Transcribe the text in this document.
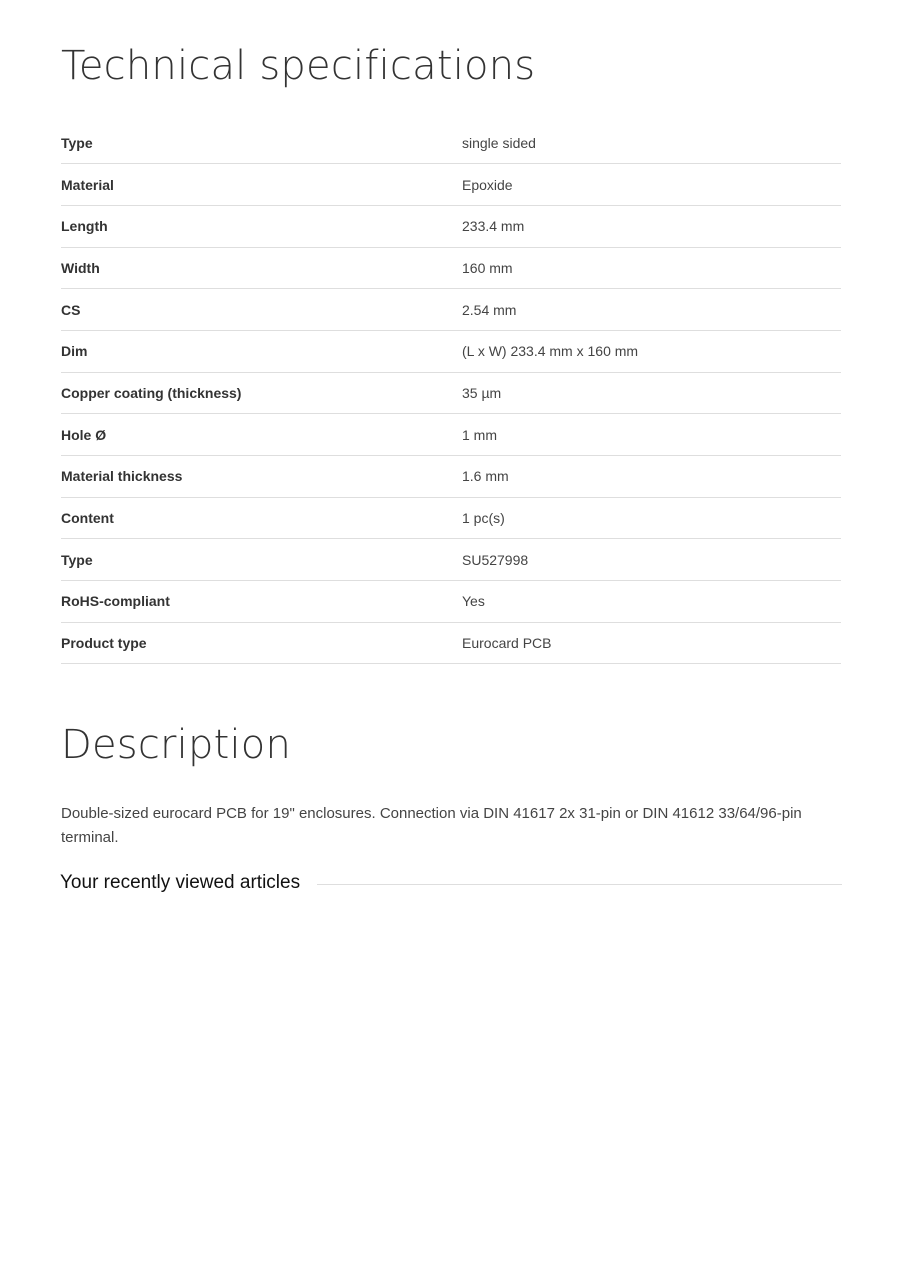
Technical specifications
Type	single sided
Material	Epoxide
Length	233.4 mm
Width	160 mm
CS	2.54 mm
Dim	(L x W) 233.4 mm x 160 mm
Copper coating (thickness)	35 µm
Hole Ø	1 mm
Material thickness	1.6 mm
Content	1 pc(s)
Type	SU527998
RoHS-compliant	Yes
Product type	Eurocard PCB
Description

Double-sized eurocard PCB for 19" enclosures. Connection via DIN 41617 2x 31-pin or DIN 41612 33/64/96-pin terminal.

Your recently viewed articles
